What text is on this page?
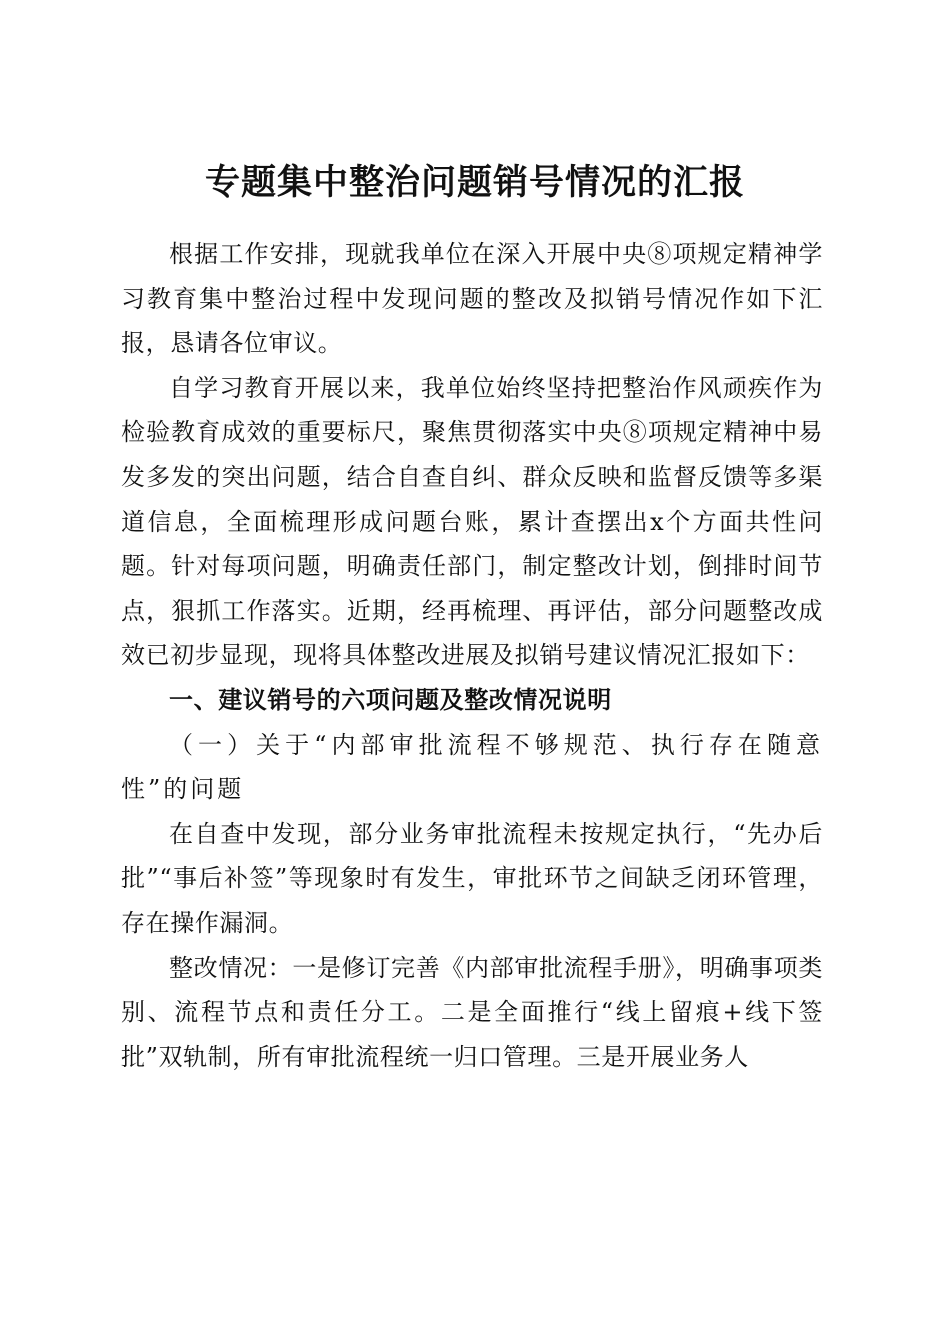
专题集中整治问题销号情况的汇报

根据工作安排，现就我单位在深入开展中央⑧项规定精神学习教育集中整治过程中发现问题的整改及拟销号情况作如下汇报，恳请各位审议。

自学习教育开展以来，我单位始终坚持把整治作风顽疾作为检验教育成效的重要标尺，聚焦贯彻落实中央⑧项规定精神中易发多发的突出问题，结合自查自纠、群众反映和监督反馈等多渠道信息，全面梳理形成问题台账，累计查摆出x个方面共性问题。针对每项问题，明确责任部门，制定整改计划，倒排时间节点，狠抓工作落实。近期，经再梳理、再评估，部分问题整改成效已初步显现，现将具体整改进展及拟销号建议情况汇报如下：

一、建议销号的六项问题及整改情况说明

（一）关于“内部审批流程不够规范、执行存在随意性”的问题

在自查中发现，部分业务审批流程未按规定执行，“先办后批”“事后补签”等现象时有发生，审批环节之间缺乏闭环管理，存在操作漏洞。

整改情况：一是修订完善《内部审批流程手册》，明确事项类别、流程节点和责任分工。二是全面推行“线上留痕+线下签批”双轨制，所有审批流程统一归口管理。三是开展业务人
